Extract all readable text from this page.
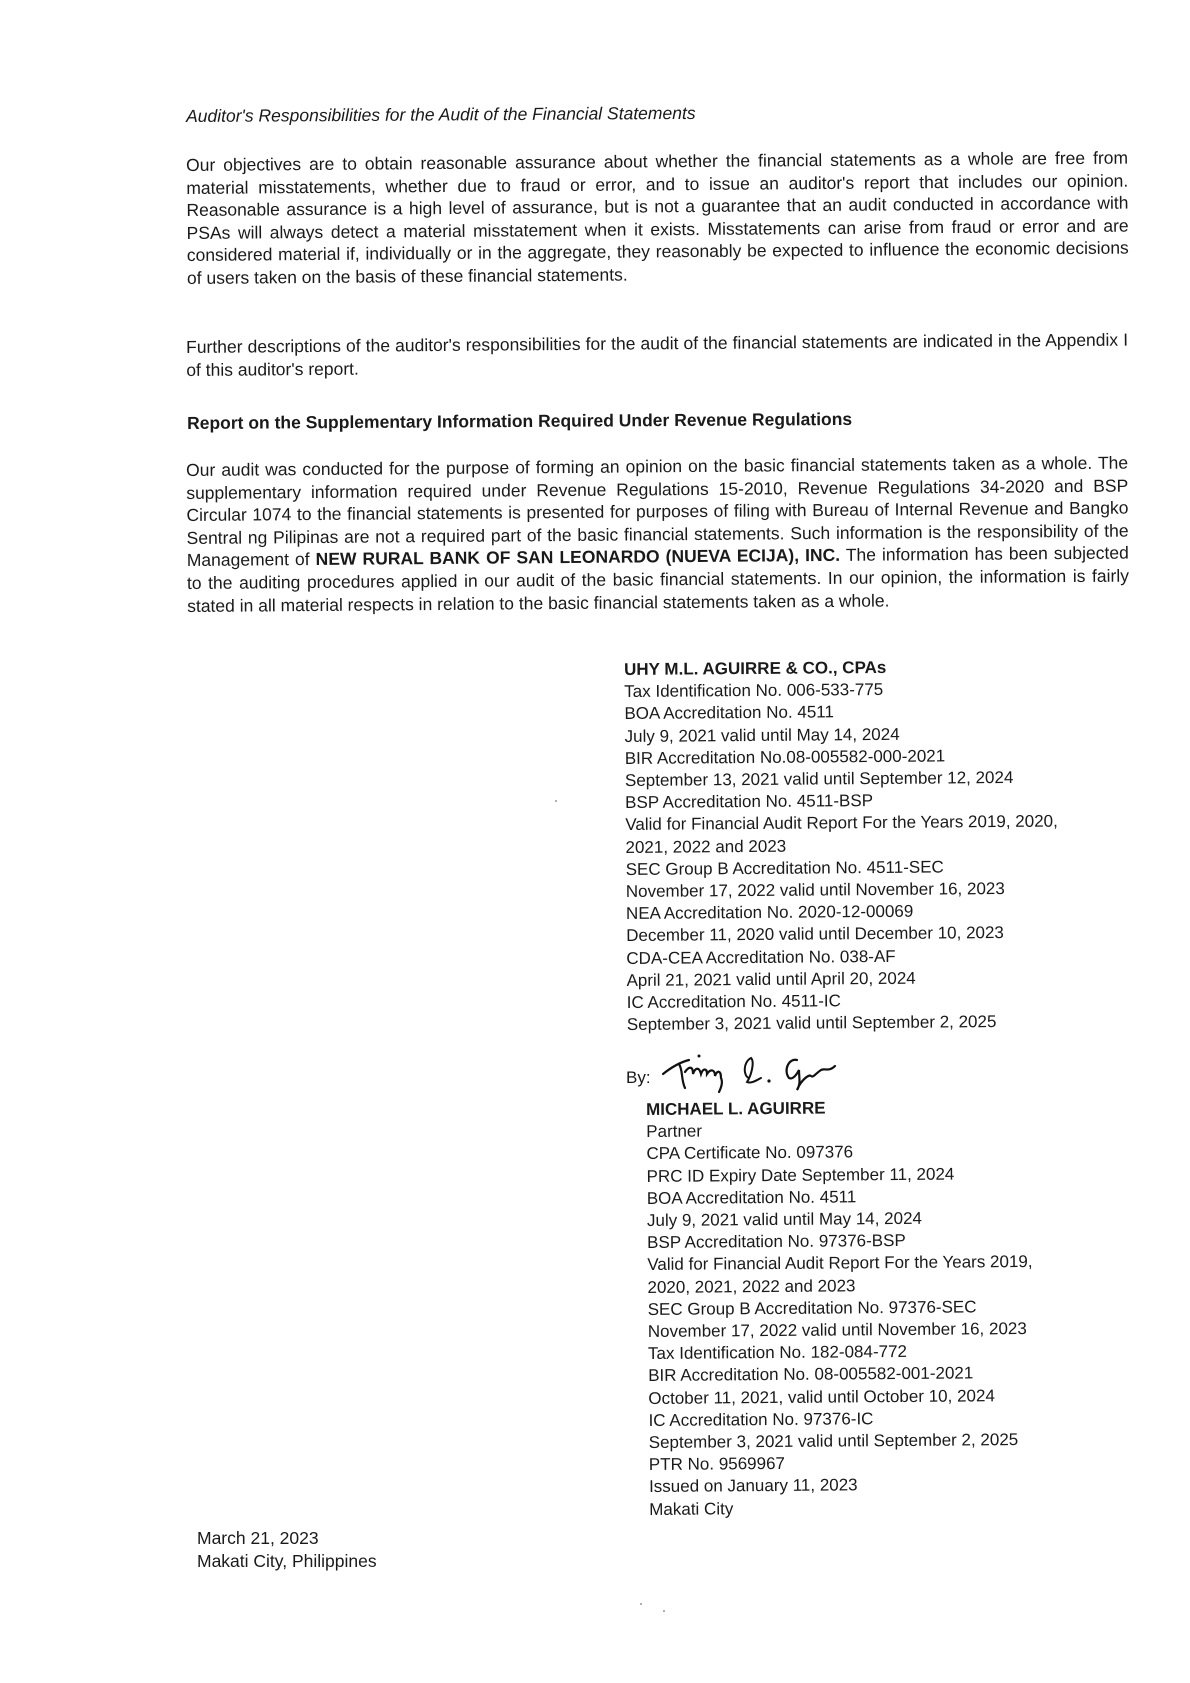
Auditor's Responsibilities for the Audit of the Financial Statements
Our objectives are to obtain reasonable assurance about whether the financial statements as a whole are free from material misstatements, whether due to fraud or error, and to issue an auditor's report that includes our opinion. Reasonable assurance is a high level of assurance, but is not a guarantee that an audit conducted in accordance with PSAs will always detect a material misstatement when it exists. Misstatements can arise from fraud or error and are considered material if, individually or in the aggregate, they reasonably be expected to influence the economic decisions of users taken on the basis of these financial statements.
Further descriptions of the auditor's responsibilities for the audit of the financial statements are indicated in the Appendix I of this auditor's report.
Report on the Supplementary Information Required Under Revenue Regulations
Our audit was conducted for the purpose of forming an opinion on the basic financial statements taken as a whole. The supplementary information required under Revenue Regulations 15-2010, Revenue Regulations 34-2020 and BSP Circular 1074 to the financial statements is presented for purposes of filing with Bureau of Internal Revenue and Bangko Sentral ng Pilipinas are not a required part of the basic financial statements. Such information is the responsibility of the Management of NEW RURAL BANK OF SAN LEONARDO (NUEVA ECIJA), INC. The information has been subjected to the auditing procedures applied in our audit of the basic financial statements. In our opinion, the information is fairly stated in all material respects in relation to the basic financial statements taken as a whole.
UHY M.L. AGUIRRE & CO., CPAs
Tax Identification No. 006-533-775
BOA Accreditation No. 4511
July 9, 2021 valid until May 14, 2024
BIR Accreditation No.08-005582-000-2021
September 13, 2021 valid until September 12, 2024
BSP Accreditation No. 4511-BSP
Valid for Financial Audit Report For the Years 2019, 2020,
2021, 2022 and 2023
SEC Group B Accreditation No. 4511-SEC
November 17, 2022 valid until November 16, 2023
NEA Accreditation No. 2020-12-00069
December 11, 2020 valid until December 10, 2023
CDA-CEA Accreditation No. 038-AF
April 21, 2021 valid until April 20, 2024
IC Accreditation No. 4511-IC
September 3, 2021 valid until September 2, 2025
By:
MICHAEL L. AGUIRRE
Partner
CPA Certificate No. 097376
PRC ID Expiry Date September 11, 2024
BOA Accreditation No. 4511
July 9, 2021 valid until May 14, 2024
BSP Accreditation No. 97376-BSP
Valid for Financial Audit Report For the Years 2019,
2020, 2021, 2022 and 2023
SEC Group B Accreditation No. 97376-SEC
November 17, 2022 valid until November 16, 2023
Tax Identification No. 182-084-772
BIR Accreditation No. 08-005582-001-2021
October 11, 2021, valid until October 10, 2024
IC Accreditation No. 97376-IC
September 3, 2021 valid until September 2, 2025
PTR No. 9569967
Issued on January 11, 2023
Makati City
March 21, 2023
Makati City, Philippines
